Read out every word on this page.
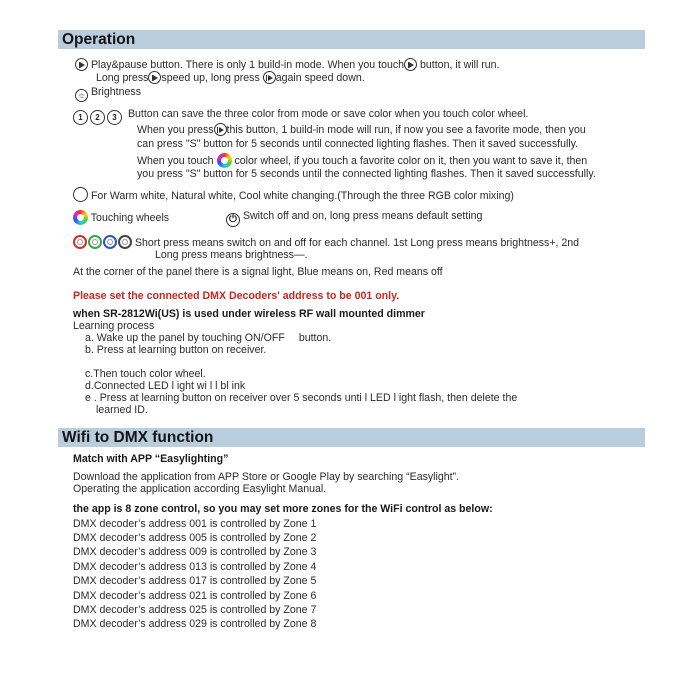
Operation
Play&pause button. There is only 1 build-in mode. When you touch button, it will run.
Long press speed up, long press again speed down.
☼ Brightness
1 2 3 Button can save the three color from mode or save color when you touch color wheel.
When you press this button, 1 build-in mode will run, if now you see a favorite mode, then you
can press "S" button for 5 seconds until connected lighting flashes. Then it saved successfully.
When you touch color wheel, if you touch a favorite color on it, then you want to save it, then
you press "S" button for 5 seconds until the connected lighting flashes. Then it saved successfully.
For Warm white, Natural white, Cool white changing.(Through the three RGB color mixing)
Touching wheels	⏻ Switch off and on, long press means default setting
Short press means switch on and off for each channel. 1st Long press means brightness+, 2nd
Long press means brightness—.
At the corner of the panel there is a signal light, Blue means on, Red means off
Please set the connected DMX Decoders' address to be 001 only.
when SR-2812Wi(US) is used under wireless RF wall mounted dimmer
Learning process
a. Wake up the panel by touching ON/OFF button.
b. Press at learning button on receiver.
c.Then touch color wheel.
d.Connected LED l ight wi l l bl ink
e . Press at learning button on receiver over 5 seconds unti l LED l ight flash, then delete the
learned ID.
Wifi to DMX function
Match with APP “Easylighting”
Download the application from APP Store or Google Play by searching “Easylight”.
Operating the application according Easylight Manual.
the app is 8 zone control, so you may set more zones for the WiFi control as below:
DMX decoder’s address 001 is controlled by Zone 1
DMX decoder’s address 005 is controlled by Zone 2
DMX decoder’s address 009 is controlled by Zone 3
DMX decoder’s address 013 is controlled by Zone 4
DMX decoder’s address 017 is controlled by Zone 5
DMX decoder’s address 021 is controlled by Zone 6
DMX decoder’s address 025 is controlled by Zone 7
DMX decoder’s address 029 is controlled by Zone 8
